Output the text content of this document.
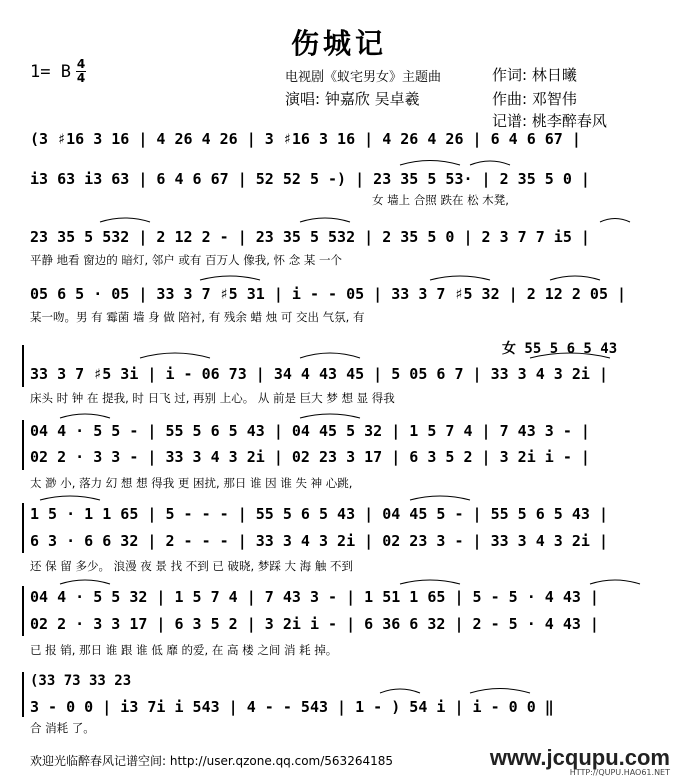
伤城记
1= B 4
4	电视剧《蚁宅男女》主题曲
演唱: 钟嘉欣 吴卓羲
作词: 林日曦
作曲: 邓智伟
记谱: 桃李醉春风
(3 ♯16 3 16 | 4 26 4 26 | 3 ♯16 3 16 | 4 26 4 26 | 6 4 6 67 |
i3 63 i3 63 | 6 4 6 67 | 52 52 5 -) | 23 35 5 53· | 2 35 5 0 |
女 墙上 合照 跌在 松 木凳,
23 35 5 532 | 2 12 2 - | 23 35 5 532 | 2 35 5 0 | 2 3 7 7 i5 |
平静 地看 窗边的 暗灯, 邻户 或有 百万人 像我, 怀 念 某 一个
05 6 5 · 05 | 33 3 7 ♯5 31 | i - - 05 | 33 3 7 ♯5 32 | 2 12 2 05 |
某一吻。男 有 霉菌 墙 身 做 陪衬, 有 残余 蜡 烛 可 交出 气氛, 有
女 55 5 6 5 43
33 3 7 ♯5 3i | i - 06 73 | 34 4 43 45 | 5 05 6 7 | 33 3 4 3 2i |
床头 时 钟 在 提我, 时 日飞 过, 再别 上心。 从 前是 巨大 梦 想 显 得我
04 4 · 5 5 - | 55 5 6 5 43 | 04 45 5 32 | 1 5 7 4 | 7 43 3 - |
02 2 · 3 3 - | 33 3 4 3 2i | 02 23 3 17 | 6 3 5 2 | 3 2i i - |
太 渺 小, 落力 幻 想 想 得我 更 困扰, 那日 谁 因 谁 失 神 心跳,
1 5 · 1 1 65 | 5 - - - | 55 5 6 5 43 | 04 45 5 - | 55 5 6 5 43 |
6 3 · 6 6 32 | 2 - - - | 33 3 4 3 2i | 02 23 3 - | 33 3 4 3 2i |
还 保 留 多少。 浪漫 夜 景 找 不到 已 破晓, 梦踩 大 海 触 不到
04 4 · 5 5 32 | 1 5 7 4 | 7 43 3 - | 1 51 1 65 | 5 - 5 · 4 43 |
02 2 · 3 3 17 | 6 3 5 2 | 3 2i i - | 6 36 6 32 | 2 - 5 · 4 43 |
已 报 销, 那日 谁 跟 谁 低 靡 的爱, 在 高 楼 之间 消 耗 掉。
(33 73 33 23
3 - 0 0 | i3 7i i 543 | 4 - - 543 | 1 - ) 54 i | i - 0 0 ‖
合 消耗 了。
欢迎光临醉春风记谱空间: http://user.qzone.qq.com/563264185	www.jcqupu.com
HTTP://QUPU.HAO61.NET
